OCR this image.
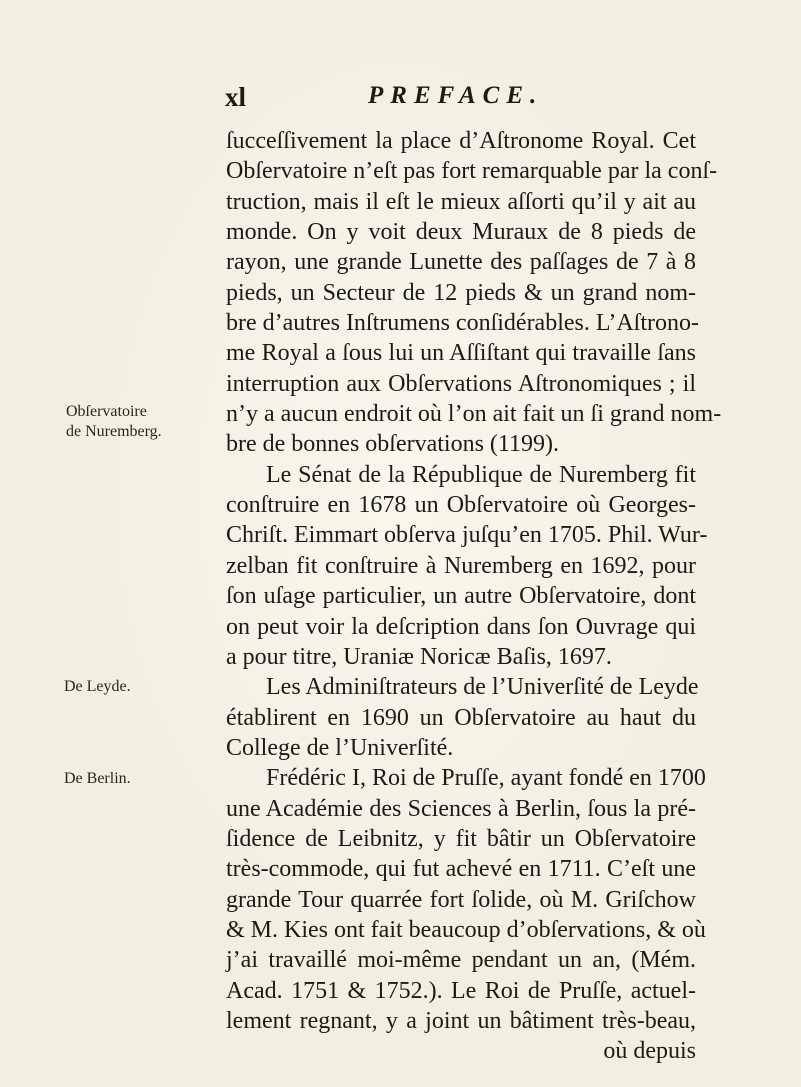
xl	PREFACE.
Obſervatoire
de Nuremberg.
De Leyde.
De Berlin.
ſucceſſivement la place d’Aſtronome Royal. Cet
Obſervatoire n’eſt pas fort remarquable par la conſ-
truction, mais il eſt le mieux aſſorti qu’il y ait au
monde. On y voit deux Muraux de 8 pieds de
rayon, une grande Lunette des paſſages de 7 à 8
pieds, un Secteur de 12 pieds & un grand nom-
bre d’autres Inſtrumens conſidérables. L’Aſtrono-
me Royal a ſous lui un Aſſiſtant qui travaille ſans
interruption aux Obſervations Aſtronomiques ; il
n’y a aucun endroit où l’on ait fait un ſi grand nom-
bre de bonnes obſervations (1199).
Le Sénat de la République de Nuremberg fit
conſtruire en 1678 un Obſervatoire où Georges-
Chriſt. Eimmart obſerva juſqu’en 1705. Phil. Wur-
zelban fit conſtruire à Nuremberg en 1692, pour
ſon uſage particulier, un autre Obſervatoire, dont
on peut voir la deſcription dans ſon Ouvrage qui
a pour titre, Uraniæ Noricæ Baſis, 1697.
Les Adminiſtrateurs de l’Univerſité de Leyde
établirent en 1690 un Obſervatoire au haut du
College de l’Univerſité.
Frédéric I, Roi de Pruſſe, ayant fondé en 1700
une Académie des Sciences à Berlin, ſous la pré-
ſidence de Leibnitz, y fit bâtir un Obſervatoire
très-commode, qui fut achevé en 1711. C’eſt une
grande Tour quarrée fort ſolide, où M. Griſchow
& M. Kies ont fait beaucoup d’obſervations, & où
j’ai travaillé moi-même pendant un an, (Mém.
Acad. 1751 & 1752.). Le Roi de Pruſſe, actuel-
lement regnant, y a joint un bâtiment très-beau,
où depuis
